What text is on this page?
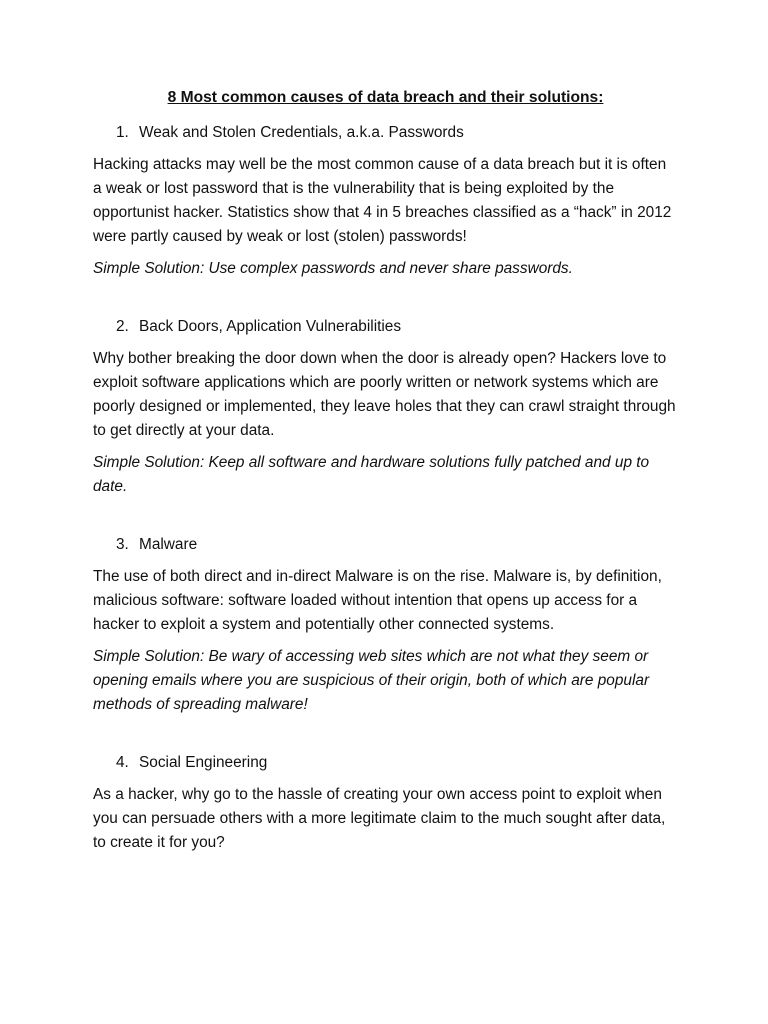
8 Most common causes of data breach and their solutions:
1. Weak and Stolen Credentials, a.k.a. Passwords

Hacking attacks may well be the most common cause of a data breach but it is often a weak or lost password that is the vulnerability that is being exploited by the opportunist hacker. Statistics show that 4 in 5 breaches classified as a “hack” in 2012 were partly caused by weak or lost (stolen) passwords!

Simple Solution: Use complex passwords and never share passwords.

2. Back Doors, Application Vulnerabilities

Why bother breaking the door down when the door is already open? Hackers love to exploit software applications which are poorly written or network systems which are poorly designed or implemented, they leave holes that they can crawl straight through to get directly at your data.

Simple Solution: Keep all software and hardware solutions fully patched and up to date.

3. Malware

The use of both direct and in-direct Malware is on the rise. Malware is, by definition, malicious software: software loaded without intention that opens up access for a hacker to exploit a system and potentially other connected systems.

Simple Solution: Be wary of accessing web sites which are not what they seem or opening emails where you are suspicious of their origin, both of which are popular methods of spreading malware!

4. Social Engineering

As a hacker, why go to the hassle of creating your own access point to exploit when you can persuade others with a more legitimate claim to the much sought after data, to create it for you?
